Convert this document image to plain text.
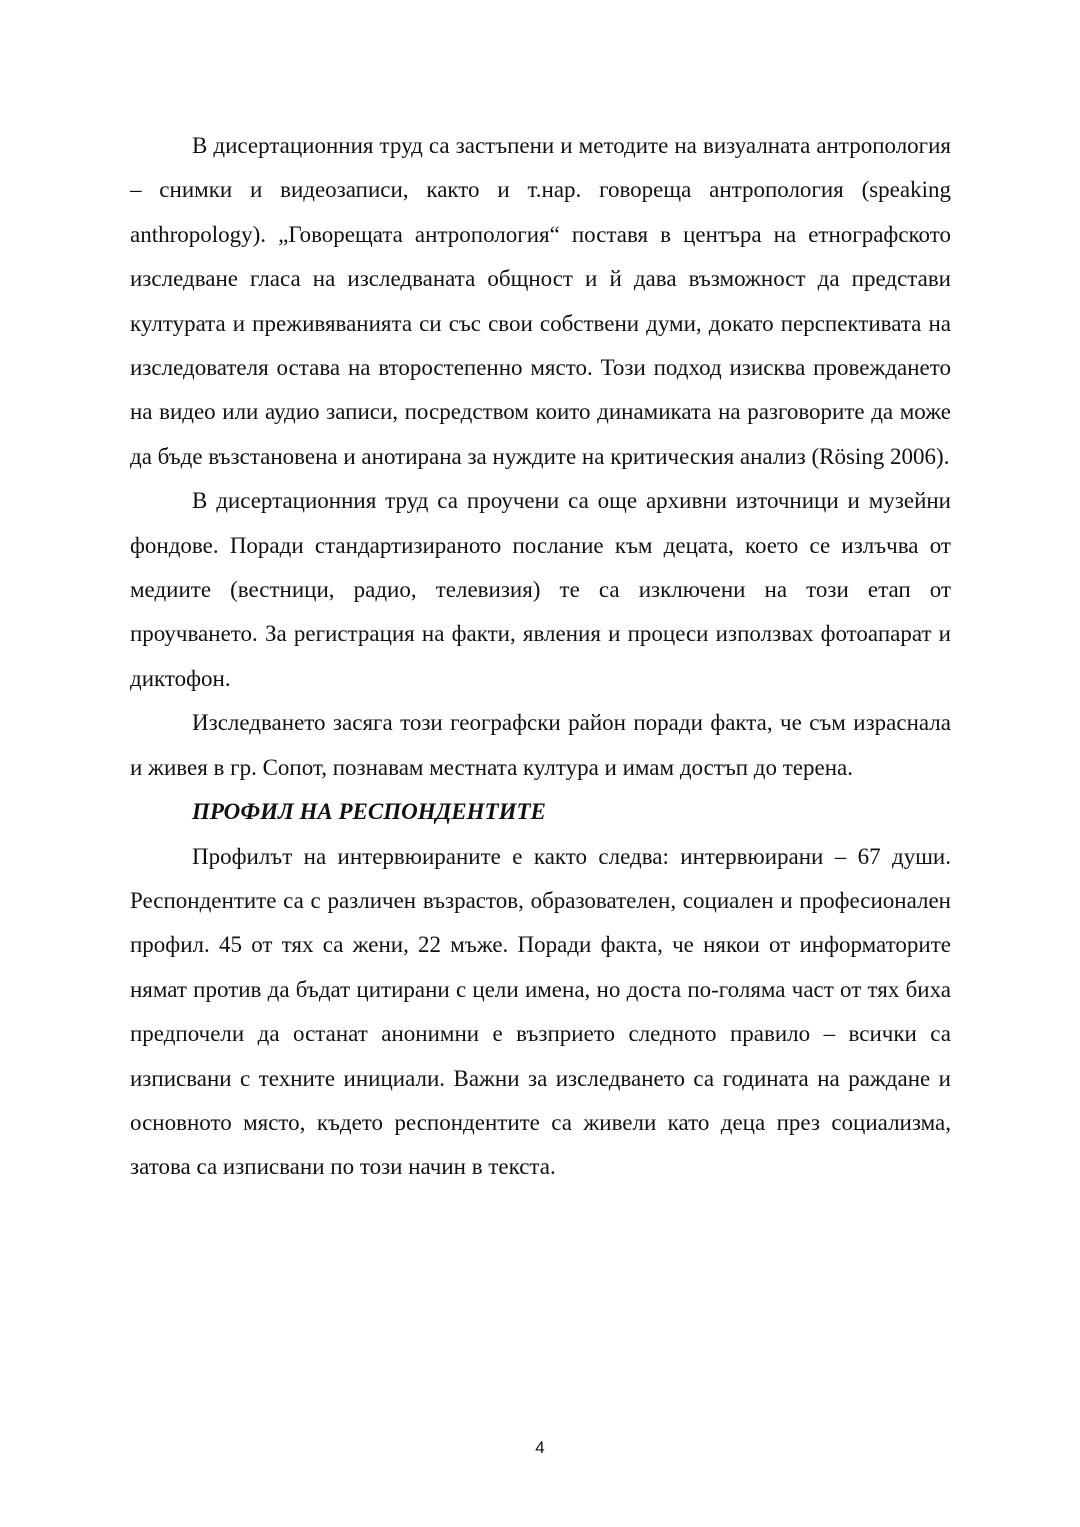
В дисертационния труд са застъпени и методите на визуалната антропология – снимки и видеозаписи, както и т.нар. говореща антропология (speaking anthropology). „Говорещата антропология“ поставя в центъра на етнографското изследване гласа на изследваната общност и й дава възможност да представи културата и преживяванията си със свои собствени думи, докато перспективата на изследователя остава на второстепенно място. Този подход изисква провеждането на видео или аудио записи, посредством които динамиката на разговорите да може да бъде възстановена и анотирана за нуждите на критическия анализ (Rösing 2006).

В дисертационния труд са проучени са още архивни източници и музейни фондове. Поради стандартизираното послание към децата, което се излъчва от медиите (вестници, радио, телевизия) те са изключени на този етап от проучването. За регистрация на факти, явления и процеси използвах фотоапарат и диктофон.

Изследването засяга този географски район поради факта, че съм израснала и живея в гр. Сопот, познавам местната култура и имам достъп до терена.

ПРОФИЛ НА РЕСПОНДЕНТИТЕ

Профилът на интервюираните е както следва: интервюирани – 67 души. Респондентите са с различен възрастов, образователен, социален и професионален профил. 45 от тях са жени, 22 мъже. Поради факта, че някои от информаторите нямат против да бъдат цитирани с цели имена, но доста по-голяма част от тях биха предпочели да останат анонимни е възприето следното правило – всички са изписвани с техните инициали. Важни за изследването са годината на раждане и основното място, където респондентите са живели като деца през социализма, затова са изписвани по този начин в текста.

4
